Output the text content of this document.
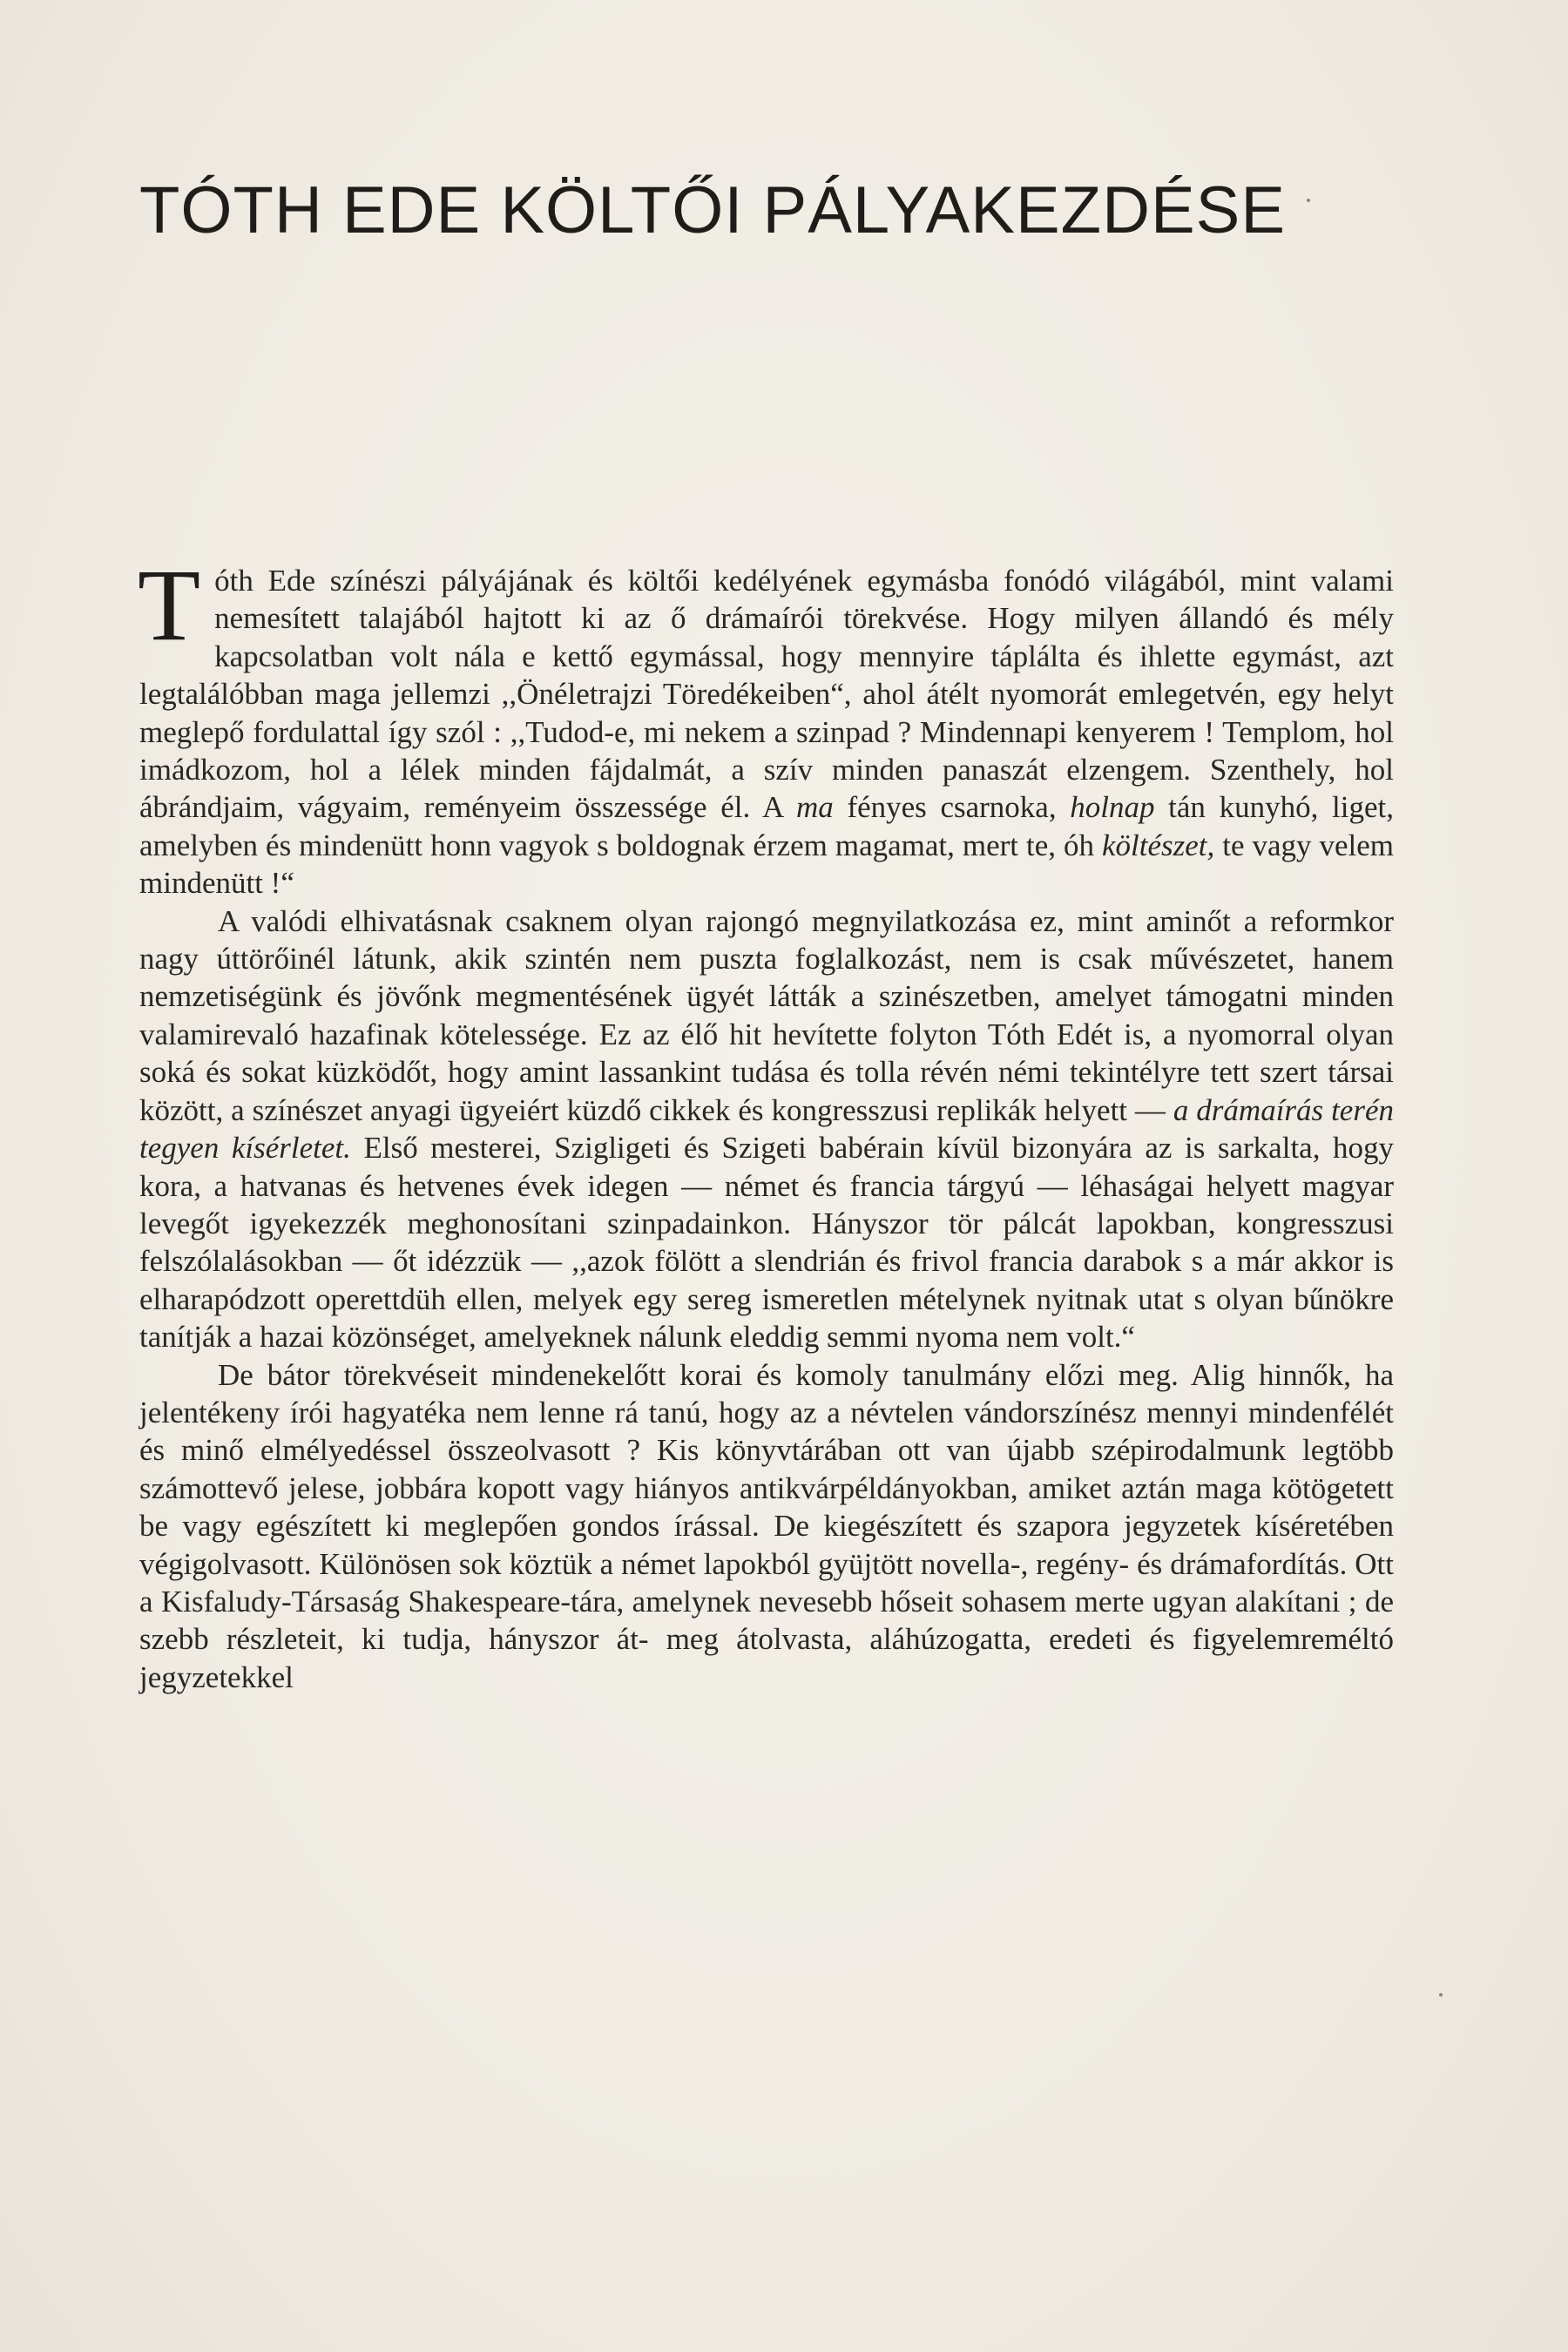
TÓTH EDE KÖLTŐI PÁLYAKEZDÉSE

Tóth Ede színészi pályájának és költői kedélyének egymásba fonódó világából, mint valami nemesített talajából hajtott ki az ő drámaírói törekvése. Hogy milyen állandó és mély kapcsolatban volt nála e kettő egymással, hogy mennyire táplálta és ihlette egymást, azt legtalálóbban maga jellemzi ,,Önéletrajzi Töredékeiben“, ahol átélt nyomorát emlegetvén, egy helyt meglepő fordulattal így szól : ,,Tudod-e, mi nekem a szinpad ? Mindennapi kenyerem ! Templom, hol imádkozom, hol a lélek minden fájdalmát, a szív minden panaszát elzengem. Szenthely, hol ábrándjaim, vágyaim, reményeim összessége él. A ma fényes csarnoka, holnap tán kunyhó, liget, amelyben és mindenütt honn vagyok s boldognak érzem magamat, mert te, óh költészet, te vagy velem mindenütt !“

A valódi elhivatásnak csaknem olyan rajongó megnyilatkozása ez, mint aminőt a reformkor nagy úttörőinél látunk, akik szintén nem puszta foglalkozást, nem is csak művészetet, hanem nemzetiségünk és jövőnk megmentésének ügyét látták a szinészetben, amelyet támogatni minden valamirevaló hazafinak kötelessége. Ez az élő hit hevítette folyton Tóth Edét is, a nyomorral olyan soká és sokat küzködőt, hogy amint lassankint tudása és tolla révén némi tekintélyre tett szert társai között, a színészet anyagi ügyeiért küzdő cikkek és kongresszusi replikák helyett — a drámaírás terén tegyen kísérletet. Első mesterei, Szigligeti és Szigeti babérain kívül bizonyára az is sarkalta, hogy kora, a hatvanas és hetvenes évek idegen — német és francia tárgyú — léhaságai helyett magyar levegőt igyekezzék meghonosítani szinpadainkon. Hányszor tör pálcát lapokban, kongresszusi felszólalásokban — őt idézzük — ,,azok fölött a slendrián és frivol francia darabok s a már akkor is elharapódzott operettdüh ellen, melyek egy sereg ismeretlen mételynek nyitnak utat s olyan bűnökre tanítják a hazai közönséget, amelyeknek nálunk eleddig semmi nyoma nem volt.“

De bátor törekvéseit mindenekelőtt korai és komoly tanulmány előzi meg. Alig hinnők, ha jelentékeny írói hagyatéka nem lenne rá tanú, hogy az a névtelen vándorszínész mennyi mindenfélét és minő elmélyedéssel összeolvasott ? Kis könyvtárában ott van újabb szépirodalmunk legtöbb számottevő jelese, jobbára kopott vagy hiányos antikvárpéldányokban, amiket aztán maga kötögetett be vagy egészített ki meglepően gondos írással. De kiegészített és szapora jegyzetek kíséretében végigolvasott. Különösen sok köztük a német lapokból gyüjtött novella-, regény- és drámafordítás. Ott a Kisfaludy-Társaság Shakespeare-tára, amelynek nevesebb hőseit sohasem merte ugyan alakítani ; de szebb részleteit, ki tudja, hányszor át- meg átolvasta, aláhúzogatta, eredeti és figyelemreméltó jegyzetekkel
